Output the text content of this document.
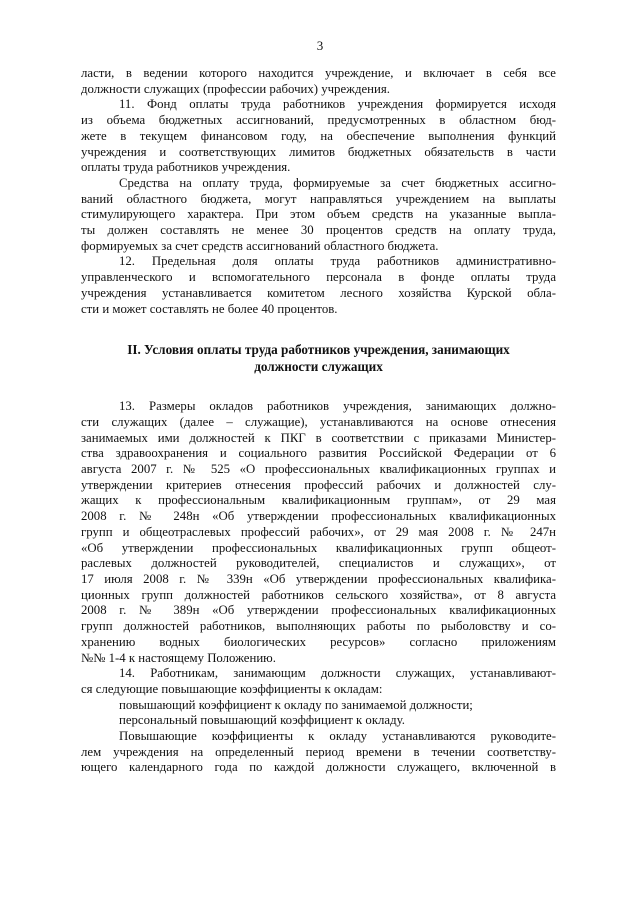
3
ласти, в ведении которого находится учреждение, и включает в себя все
должности служащих (профессии рабочих) учреждения.
11. Фонд оплаты труда работников учреждения формируется исходя
из объема бюджетных ассигнований, предусмотренных в областном бюд-
жете в текущем финансовом году, на обеспечение выполнения функций
учреждения и соответствующих лимитов бюджетных обязательств в части
оплаты труда работников учреждения.
Средства на оплату труда, формируемые за счет бюджетных ассигно-
ваний областного бюджета, могут направляться учреждением на выплаты
стимулирующего характера. При этом объем средств на указанные выпла-
ты должен составлять не менее 30 процентов средств на оплату труда,
формируемых за счет средств ассигнований областного бюджета.
12. Предельная доля оплаты труда работников административно-
управленческого и вспомогательного персонала в фонде оплаты труда
учреждения устанавливается комитетом лесного хозяйства Курской обла-
сти и может составлять не более 40 процентов.
II. Условия оплаты труда работников учреждения, занимающих
должности служащих
13. Размеры окладов работников учреждения, занимающих должно-
сти служащих (далее – служащие), устанавливаются на основе отнесения
занимаемых ими должностей к ПКГ в соответствии с приказами Министер-
ства здравоохранения и социального развития Российской Федерации от 6
августа 2007 г. № 525 «О профессиональных квалификационных группах и
утверждении критериев отнесения профессий рабочих и должностей слу-
жащих к профессиональным квалификационным группам», от 29 мая
2008 г. № 248н «Об утверждении профессиональных квалификационных
групп и общеотраслевых профессий рабочих», от 29 мая 2008 г. № 247н
«Об утверждении профессиональных квалификационных групп общеот-
раслевых должностей руководителей, специалистов и служащих», от
17 июля 2008 г. № 339н «Об утверждении профессиональных квалифика-
ционных групп должностей работников сельского хозяйства», от 8 августа
2008 г. № 389н «Об утверждении профессиональных квалификационных
групп должностей работников, выполняющих работы по рыболовству и со-
хранению водных биологических ресурсов» согласно приложениям
№№ 1-4 к настоящему Положению.
14. Работникам, занимающим должности служащих, устанавливают-
ся следующие повышающие коэффициенты к окладам:
повышающий коэффициент к окладу по занимаемой должности;
персональный повышающий коэффициент к окладу.
Повышающие коэффициенты к окладу устанавливаются руководите-
лем учреждения на определенный период времени в течении соответству-
ющего календарного года по каждой должности служащего, включенной в
